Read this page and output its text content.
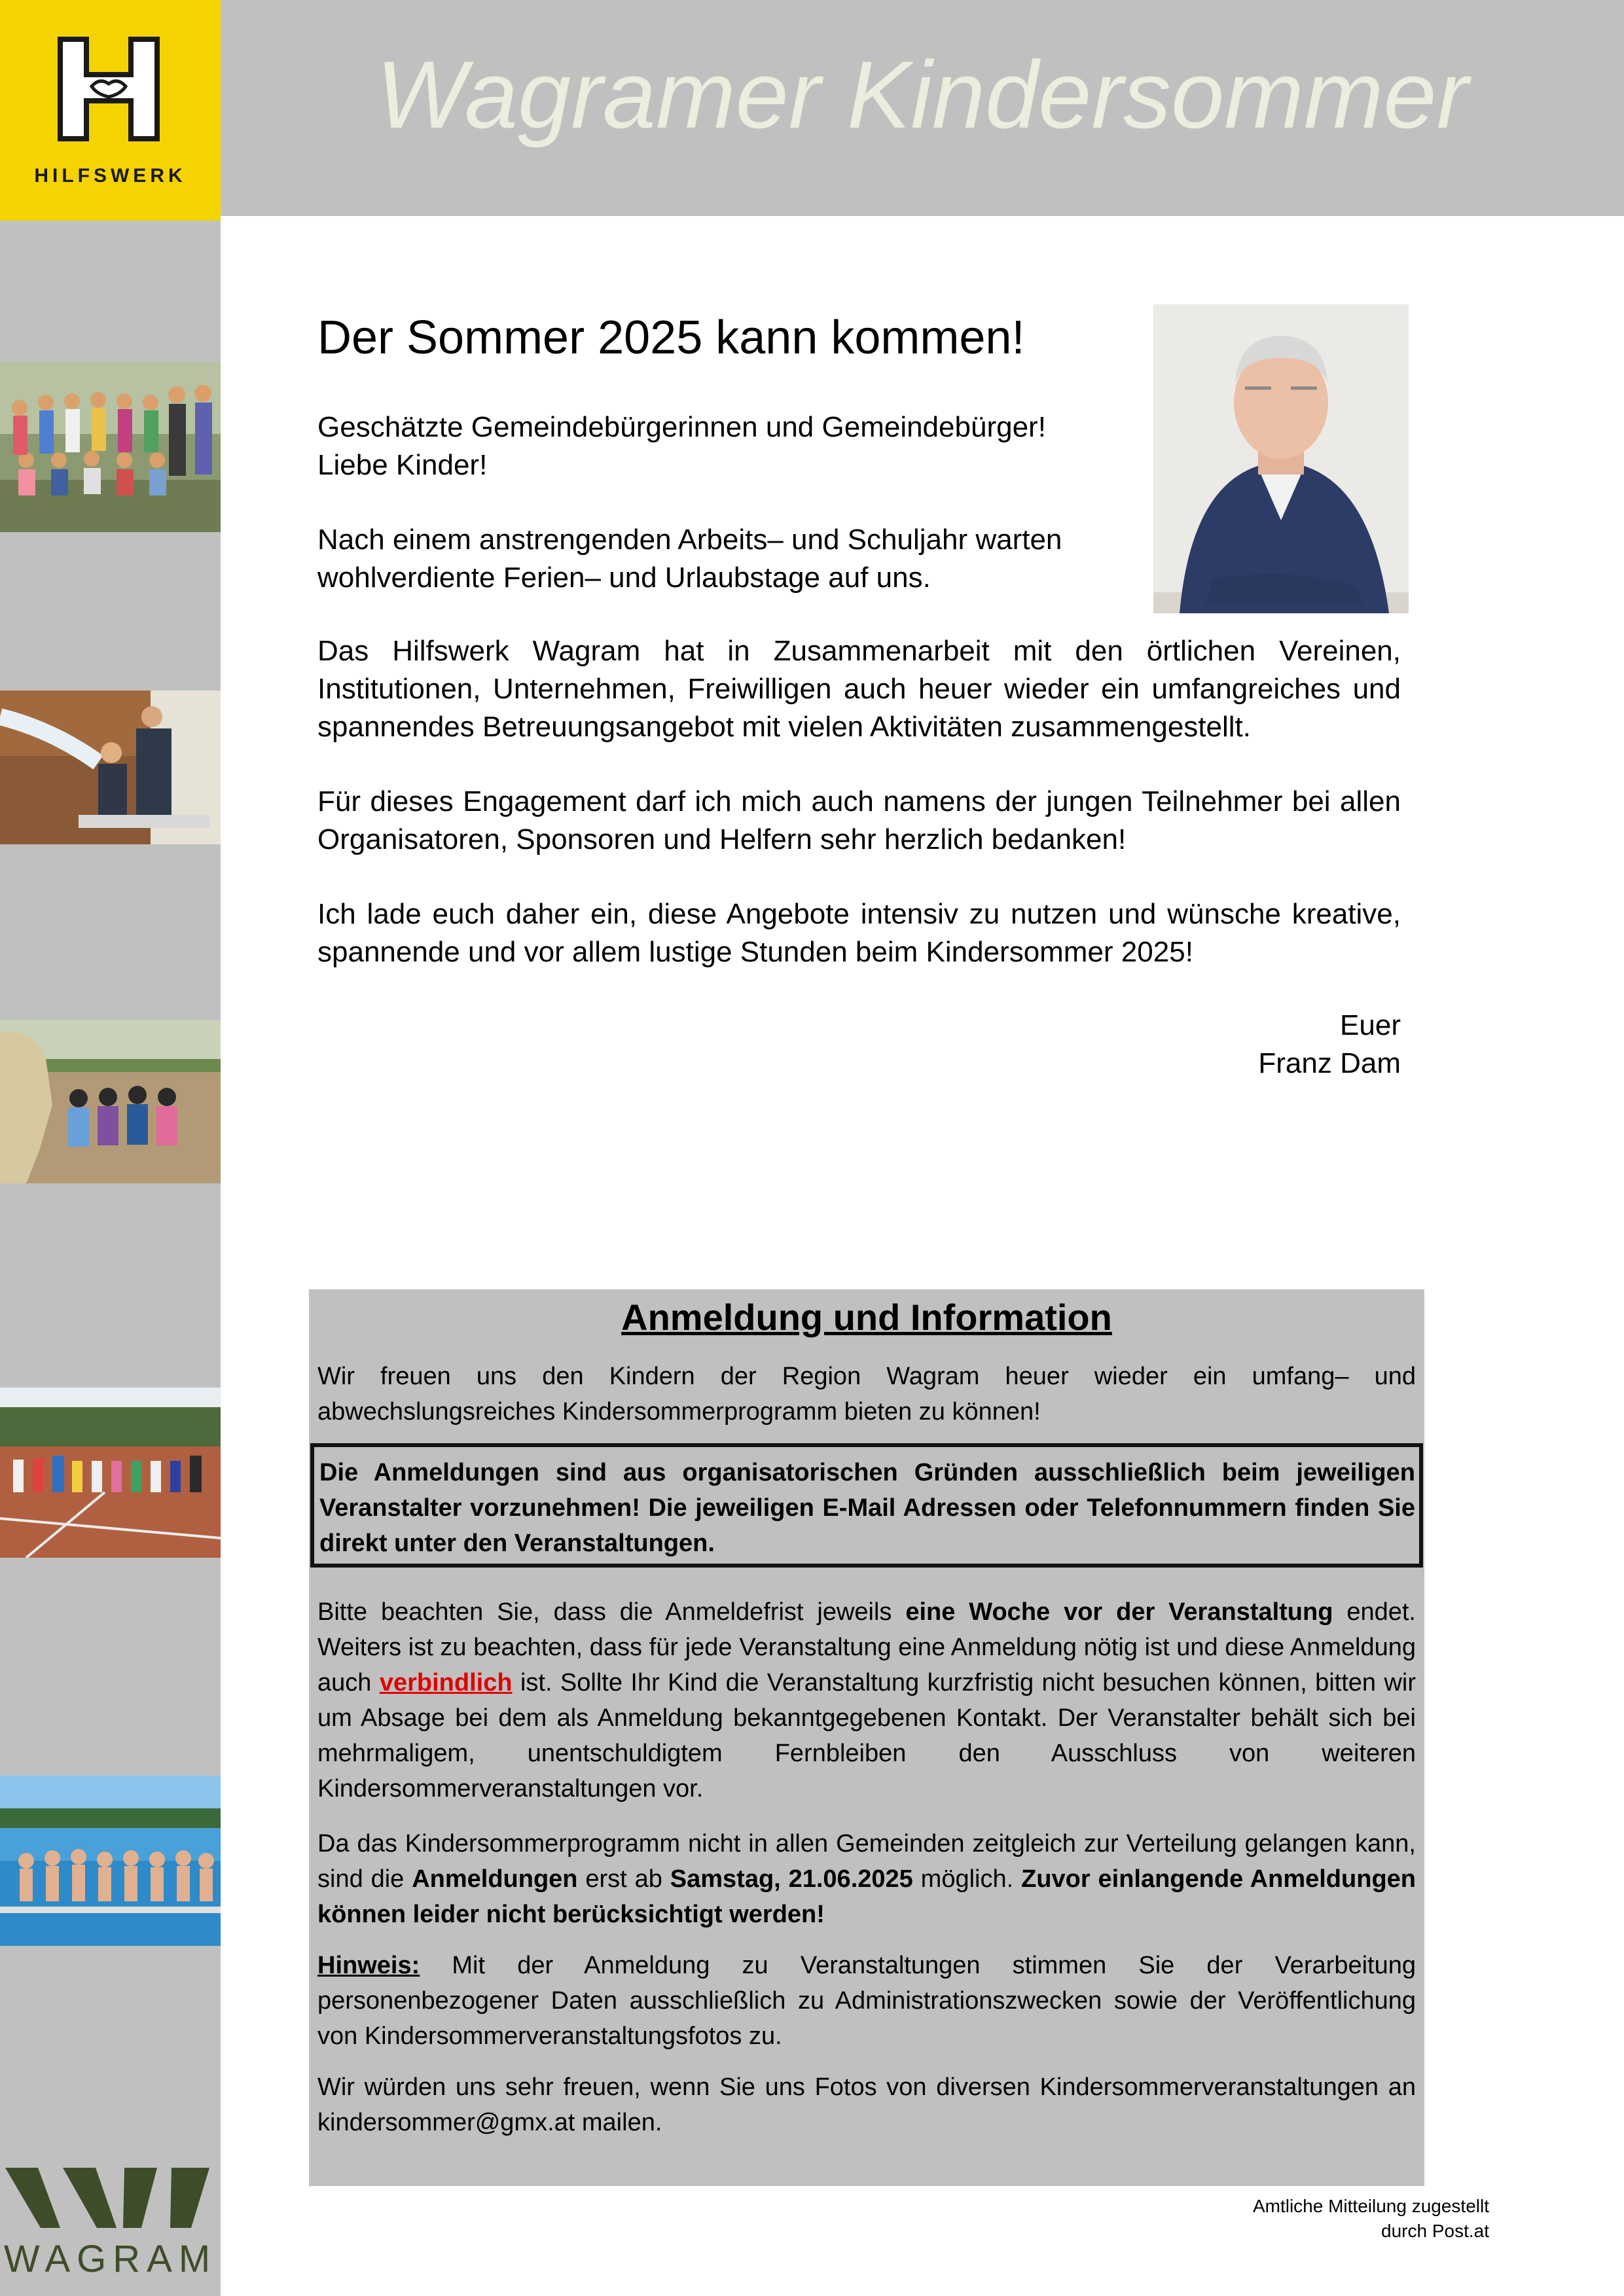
HILFSWERK
Wagramer Kindersommer
WAGRAM
Der Sommer 2025 kann kommen!

Geschätzte Gemeindebürgerinnen und Gemeindebürger!

Liebe Kinder!

Nach einem anstrengenden Arbeits– und Schuljahr warten wohlverdiente Ferien– und Urlaubstage auf uns.

Das Hilfswerk Wagram hat in Zusammenarbeit mit den örtlichen Vereinen, Institutionen, Unternehmen, Freiwilligen auch heuer wieder ein umfangreiches und spannendes Betreuungsangebot mit vielen Aktivitäten zusammengestellt.

Für dieses Engagement darf ich mich auch namens der jungen Teilnehmer bei allen Organisatoren, Sponsoren und Helfern sehr herzlich bedanken!

Ich lade euch daher ein, diese Angebote intensiv zu nutzen und wünsche kreative, spannende und vor allem lustige Stunden beim Kindersommer 2025!

Euer
Franz Dam
Anmeldung und Information

Wir freuen uns den Kindern der Region Wagram heuer wieder ein umfang– und abwechslungsreiches Kindersommerprogramm bieten zu können!

Die Anmeldungen sind aus organisatorischen Gründen ausschließlich beim jeweiligen Veranstalter vorzunehmen! Die jeweiligen E-Mail Adressen oder Telefonnummern finden Sie direkt unter den Veranstaltungen.

Bitte beachten Sie, dass die Anmeldefrist jeweils eine Woche vor der Veranstaltung endet. Weiters ist zu beachten, dass für jede Veranstaltung eine Anmeldung nötig ist und diese Anmeldung auch verbindlich ist. Sollte Ihr Kind die Veranstaltung kurzfristig nicht besuchen können, bitten wir um Absage bei dem als Anmeldung bekanntgegebenen Kontakt. Der Veranstalter behält sich bei mehrmaligem, unentschuldigtem Fernbleiben den Ausschluss von weiteren Kindersommerveranstaltungen vor.

Da das Kindersommerprogramm nicht in allen Gemeinden zeitgleich zur Verteilung gelangen kann, sind die Anmeldungen erst ab Samstag, 21.06.2025 möglich. Zuvor einlangende Anmeldungen können leider nicht berücksichtigt werden!

Hinweis: Mit der Anmeldung zu Veranstaltungen stimmen Sie der Verarbeitung personenbezogener Daten ausschließlich zu Administrationszwecken sowie der Veröffentlichung von Kindersommerveranstaltungsfotos zu.

Wir würden uns sehr freuen, wenn Sie uns Fotos von diversen Kindersommerveranstaltungen an kindersommer@gmx.at mailen.

Amtliche Mitteilung zugestellt
durch Post.at
